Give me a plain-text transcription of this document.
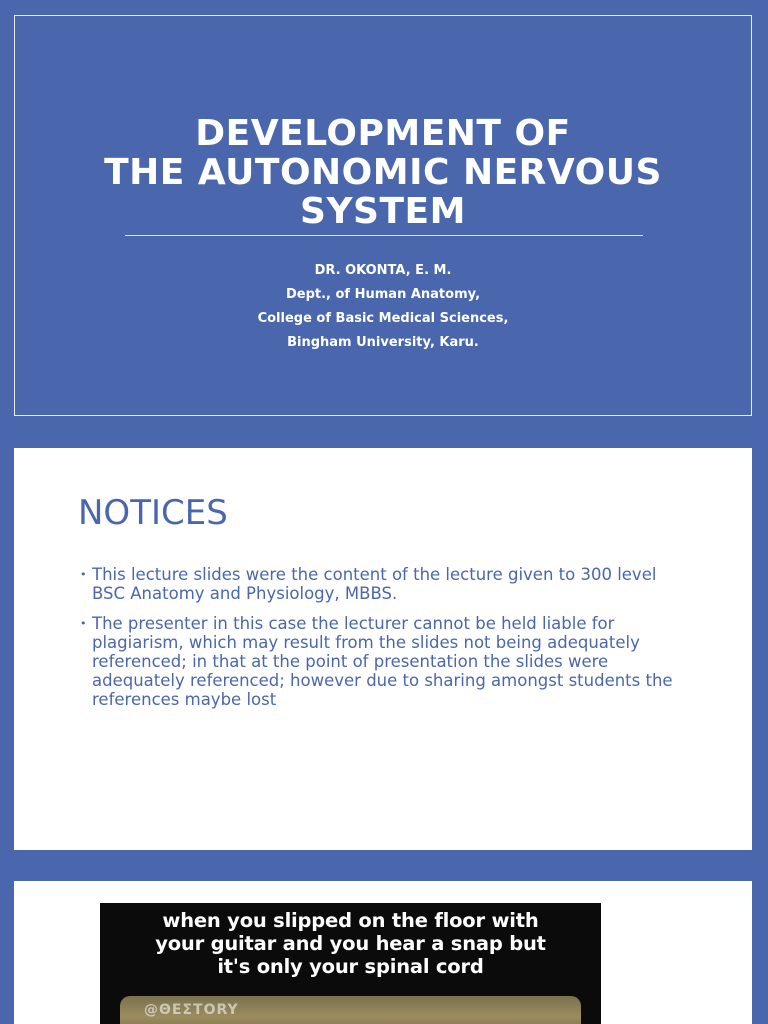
DEVELOPMENT OF
THE AUTONOMIC NERVOUS
SYSTEM
DR. OKONTA, E. M.
Dept., of Human Anatomy,
College of Basic Medical Sciences,
Bingham University, Karu.
NOTICES
• This lecture slides were the content of the lecture given to 300 level BSC Anatomy and Physiology, MBBS.
• The presenter in this case the lecturer cannot be held liable for plagiarism, which may result from the slides not being adequately referenced; in that at the point of presentation the slides were adequately referenced; however due to sharing amongst students the references maybe lost
when you slipped on the floor with
your guitar and you hear a snap but
it's only your spinal cord
@ΘEΣTORY
